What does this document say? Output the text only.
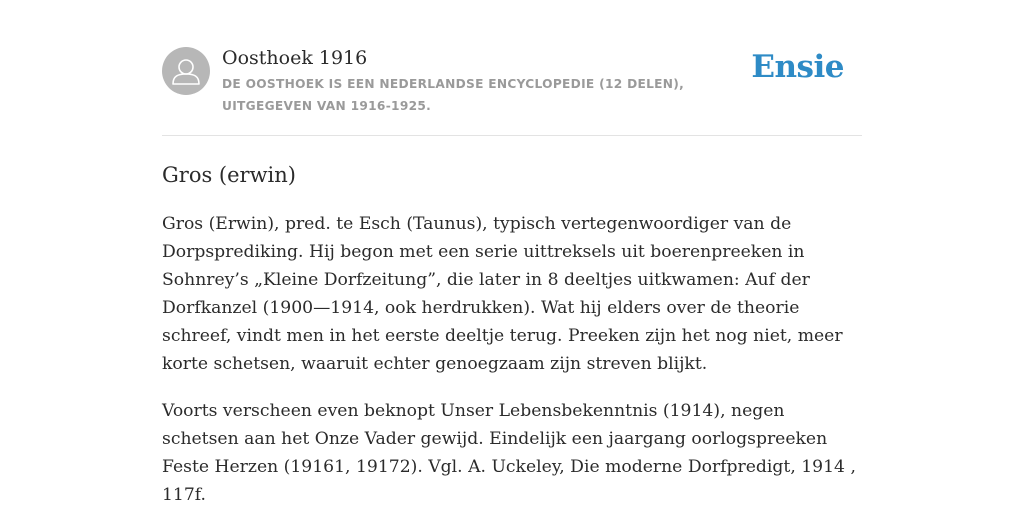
Oosthoek 1916

DE OOSTHOEK IS EEN NEDERLANDSE ENCYCLOPEDIE (12 DELEN), UITGEGEVEN VAN 1916-1925.

Ensie
Gros (erwin)

Gros (Erwin), pred. te Esch (Taunus), typisch vertegenwoordiger van de Dorpsprediking. Hij begon met een serie uittreksels uit boerenpreeken in Sohnrey’s „Kleine Dorfzeitung”, die later in 8 deeltjes uitkwamen: Auf der Dorfkanzel (1900—1914, ook herdrukken). Wat hij elders over de theorie schreef, vindt men in het eerste deeltje terug. Preeken zijn het nog niet, meer korte schetsen, waaruit echter genoegzaam zijn streven blijkt.

Voorts verscheen even beknopt Unser Lebensbekenntnis (1914), negen schetsen aan het Onze Vader gewijd. Eindelijk een jaargang oorlogspreeken Feste Herzen (19161, 19172). Vgl. A. Uckeley, Die moderne Dorfpredigt, 1914 , 117f.
